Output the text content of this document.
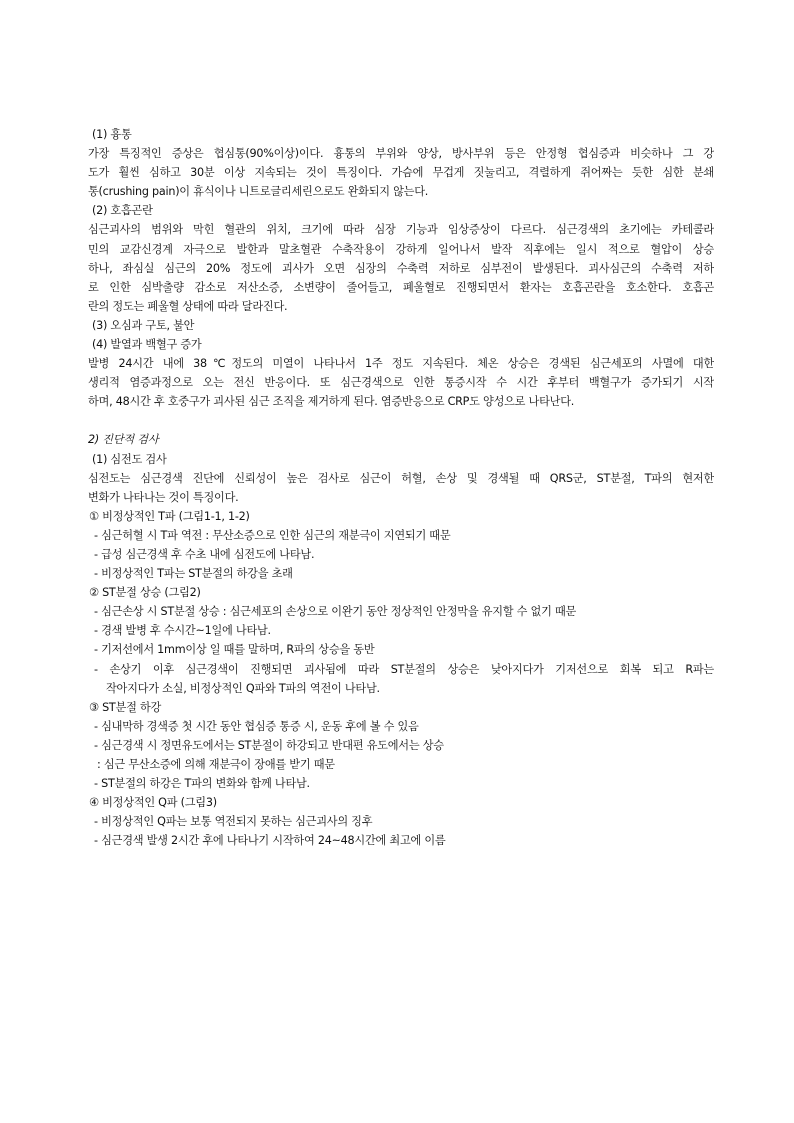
(1) 흉통
가장 특징적인 증상은 협심통(90%이상)이다. 흉통의 부위와 양상, 방사부위 등은 안정형 협심증과 비슷하나 그 강
도가 훨씬 심하고 30분 이상 지속되는 것이 특징이다. 가슴에 무겁게 짓눌리고, 격렬하게 쥐어짜는 듯한 심한 분쇄
통(crushing pain)이 휴식이나 니트로글리세린으로도 완화되지 않는다.
(2) 호흡곤란
심근괴사의 범위와 막힌 혈관의 위치, 크기에 따라 심장 기능과 임상증상이 다르다. 심근경색의 초기에는 카테콜라
민의 교감신경계 자극으로 발한과 말초혈관 수축작용이 강하게 일어나서 발작 직후에는 일시 적으로 혈압이 상승
하나, 좌심실 심근의 20% 정도에 괴사가 오면 심장의 수축력 저하로 심부전이 발생된다. 괴사심근의 수축력 저하
로 인한 심박출량 감소로 저산소증, 소변량이 줄어들고, 폐울혈로 진행되면서 환자는 호흡곤란을 호소한다. 호흡곤
란의 정도는 폐울혈 상태에 따라 달라진다.
(3) 오심과 구토, 불안
(4) 발열과 백혈구 증가
발병 24시간 내에 38℃정도의 미열이 나타나서 1주 정도 지속된다. 체온 상승은 경색된 심근세포의 사멸에 대한
생리적 염증과정으로 오는 전신 반응이다. 또 심근경색으로 인한 통증시작 수 시간 후부터 백혈구가 증가되기 시작
하며, 48시간 후 호중구가 괴사된 심근 조직을 제거하게 된다. 염증반응으로 CRP도 양성으로 나타난다.
2) 진단적 검사
(1) 심전도 검사
심전도는 심근경색 진단에 신뢰성이 높은 검사로 심근이 허혈, 손상 및 경색될 때 QRS군, ST분절, T파의 현저한
변화가 나타나는 것이 특징이다.
① 비정상적인 T파 (그림1-1, 1-2)
- 심근허혈 시 T파 역전 : 무산소증으로 인한 심근의 재분극이 지연되기 때문
- 급성 심근경색 후 수초 내에 심전도에 나타남.
- 비정상적인 T파는 ST분절의 하강을 초래
② ST분절 상승 (그림2)
- 심근손상 시 ST분절 상승 : 심근세포의 손상으로 이완기 동안 정상적인 안정막을 유지할 수 없기 때문
- 경색 발병 후 수시간~1일에 나타남.
- 기저선에서 1mm이상 일 때를 말하며, R파의 상승을 동반
- 손상기 이후 심근경색이 진행되면 괴사됨에 따라 ST분절의 상승은 낮아지다가 기저선으로 회복 되고 R파는
작아지다가 소실, 비정상적인 Q파와 T파의 역전이 나타남.
③ ST분절 하강
- 심내막하 경색증 첫 시간 동안 협심증 통증 시, 운동 후에 볼 수 있음
- 심근경색 시 정면유도에서는 ST분절이 하강되고 반대편 유도에서는 상승
: 심근 무산소증에 의해 재분극이 장애를 받기 때문
- ST분절의 하강은 T파의 변화와 함께 나타남.
④ 비정상적인 Q파 (그림3)
- 비정상적인 Q파는 보통 역전되지 못하는 심근괴사의 징후
- 심근경색 발생 2시간 후에 나타나기 시작하여 24~48시간에 최고에 이름
